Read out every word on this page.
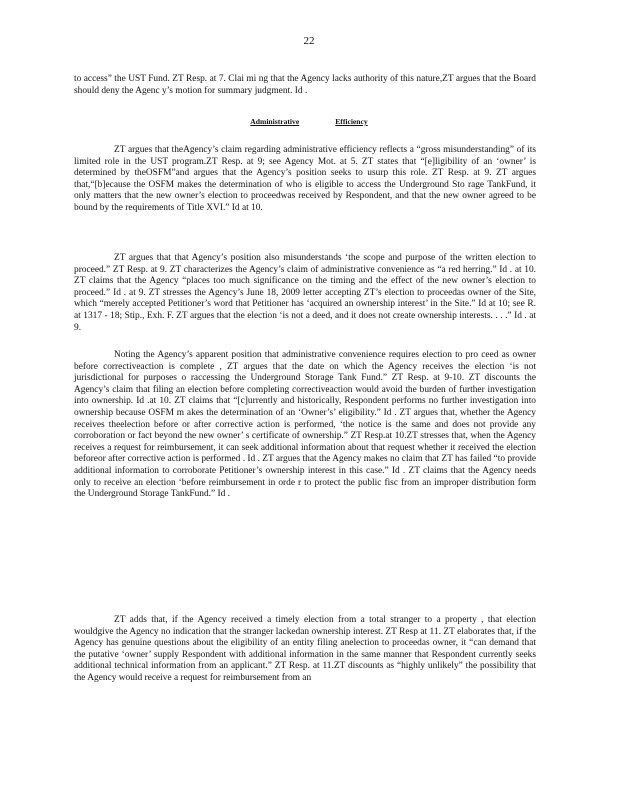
22

to access” the UST Fund. ZT Resp. at 7. Clai mi ng that the Agency lacks authority of this nature,ZT argues that the Board should deny the Agenc y’s motion for summary judgment. Id .

Administrative	Efficiency

ZT argues that theAgency’s claim regarding administrative efficiency reflects a “gross misunderstanding” of its limited role in the UST program.ZT Resp. at 9; see Agency Mot. at 5. ZT states that “[e]ligibility of an ‘owner’ is determined by theOSFM”and argues that the Agency’s position seeks to usurp this role. ZT Resp. at 9. ZT argues that,“[b]ecause the OSFM makes the determination of who is eligible to access the Underground Sto rage TankFund, it only matters that the new owner’s election to proceedwas received by Respondent, and that the new owner agreed to be bound by the requirements of Title XVI.” Id at 10.

ZT argues that that Agency’s position also misunderstands ‘the scope and purpose of the written election to proceed.” ZT Resp. at 9. ZT characterizes the Agency’s claim of administrative convenience as “a red herring.” Id . at 10. ZT claims that the Agency “places too much significance on the timing and the effect of the new owner’s election to proceed.” Id . at 9. ZT stresses the Agency’s June 18, 2009 letter accepting ZT’s election to proceedas owner of the Site, which “merely accepted Petitioner’s word that Petitioner has ‘acquired an ownership interest’ in the Site.” Id at 10; see R. at 1317 - 18; Stip., Exh. F. ZT argues that the election ‘is not a deed, and it does not create ownership interests. . . .” Id . at 9.

Noting the Agency’s apparent position that administrative convenience requires election to pro ceed as owner before correctiveaction is complete , ZT argues that the date on which the Agency receives the election ‘is not jurisdictional for purposes o raccessing the Underground Storage Tank Fund.” ZT Resp. at 9-10. ZT discounts the Agency’s claim that filing an election before completing correctiveaction would avoid the burden of further investigation into ownership. Id .at 10. ZT claims that “[c]urrently and historically, Respondent performs no further investigation into ownership because OSFM m akes the determination of an ‘Owner’s’ eligibility.” Id . ZT argues that, whether the Agency receives theelection before or after corrective action is performed, ‘the notice is the same and does not provide any corroboration or fact beyond the new owner’ s certificate of ownership.” ZT Resp.at 10.ZT stresses that, when the Agency receives a request for reimbursement, it can seek additional information about that request whether it received the election beforeor after corrective action is performed . Id . ZT argues that the Agency makes no claim that ZT has failed “to provide additional information to corroborate Petitioner’s ownership interest in this case.” Id . ZT claims that the Agency needs only to receive an election ‘before reimbursement in orde r to protect the public fisc from an improper distribution form the Underground Storage TankFund.” Id .

ZT adds that, if the Agency received a timely election from a total stranger to a property , that election wouldgive the Agency no indication that the stranger lackedan ownership interest. ZT Resp at 11. ZT elaborates that, if the Agency has genuine questions about the eligibility of an entity filing anelection to proceedas owner, it “can demand that the putative ‘owner’ supply Respondent with additional information in the same manner that Respondent currently seeks additional technical information from an applicant.” ZT Resp. at 11.ZT discounts as “highly unlikely” the possibility that the Agency would receive a request for reimbursement from an
